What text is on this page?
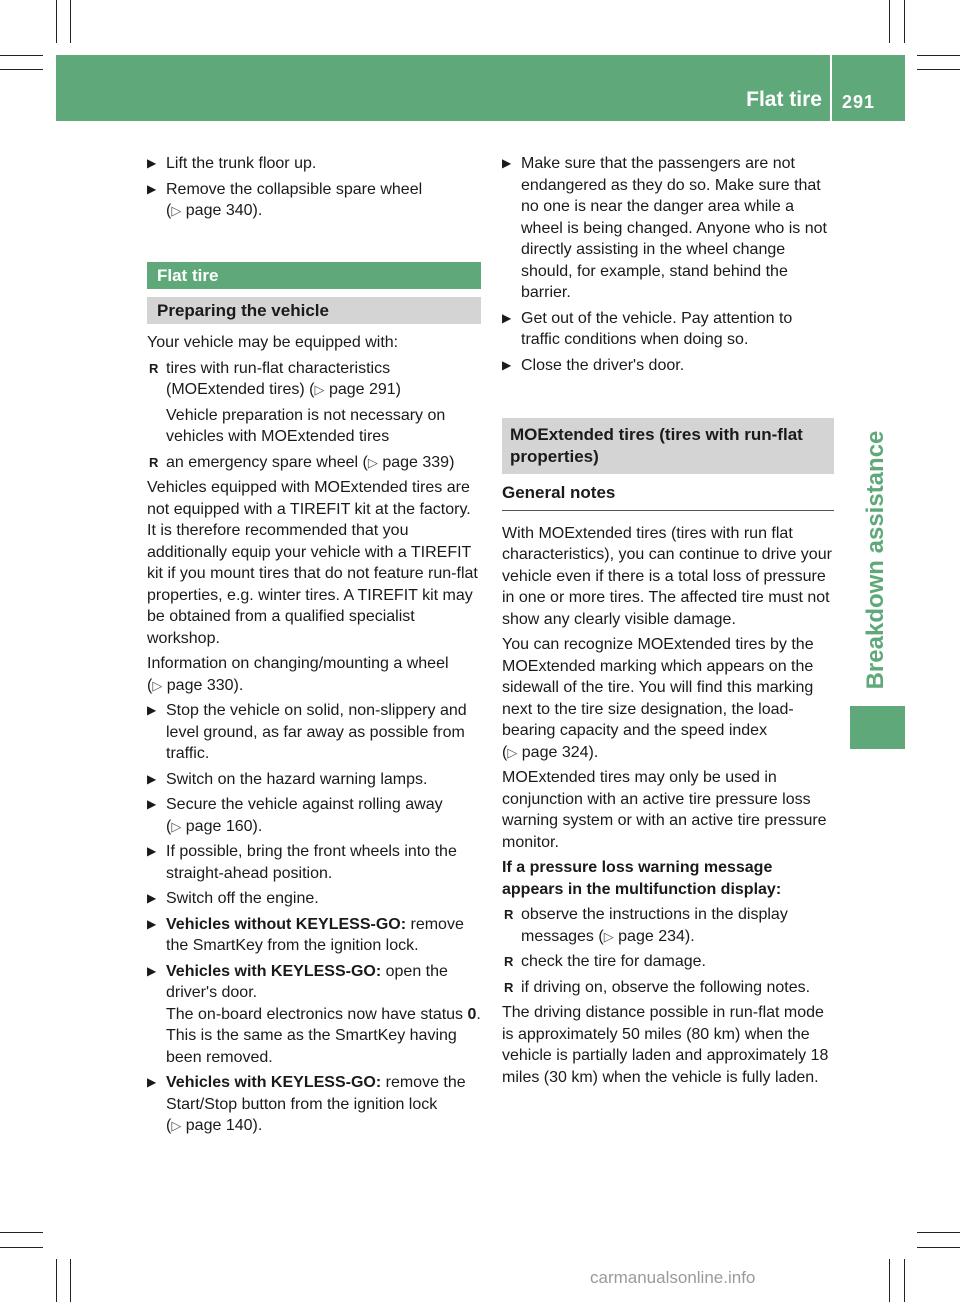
Flat tire 291
Breakdown assistance
▶ Lift the trunk floor up.
▶ Remove the collapsible spare wheel
(▷ page 340).
Flat tire
Preparing the vehicle
Your vehicle may be equipped with:
R tires with run-flat characteristics
(MOExtended tires) (▷ page 291)
Vehicle preparation is not necessary on vehicles with MOExtended tires
R an emergency spare wheel (▷ page 339)
Vehicles equipped with MOExtended tires are not equipped with a TIREFIT kit at the factory. It is therefore recommended that you additionally equip your vehicle with a TIREFIT kit if you mount tires that do not feature run-flat properties, e.g. winter tires. A TIREFIT kit may be obtained from a qualified specialist workshop.
Information on changing/mounting a wheel
(▷ page 330).
▶ Stop the vehicle on solid, non-slippery and level ground, as far away as possible from traffic.
▶ Switch on the hazard warning lamps.
▶ Secure the vehicle against rolling away
(▷ page 160).
▶ If possible, bring the front wheels into the straight-ahead position.
▶ Switch off the engine.
▶ Vehicles without KEYLESS-GO: remove the SmartKey from the ignition lock.
▶ Vehicles with KEYLESS-GO: open the driver's door.
The on-board electronics now have status 0. This is the same as the SmartKey having been removed.
▶ Vehicles with KEYLESS-GO: remove the Start/Stop button from the ignition lock
(▷ page 140).
▶ Make sure that the passengers are not endangered as they do so. Make sure that no one is near the danger area while a wheel is being changed. Anyone who is not directly assisting in the wheel change should, for example, stand behind the barrier.
▶ Get out of the vehicle. Pay attention to traffic conditions when doing so.
▶ Close the driver's door.
MOExtended tires (tires with run-flat properties)
General notes
With MOExtended tires (tires with run flat characteristics), you can continue to drive your vehicle even if there is a total loss of pressure in one or more tires. The affected tire must not show any clearly visible damage.
You can recognize MOExtended tires by the MOExtended marking which appears on the sidewall of the tire. You will find this marking next to the tire size designation, the load-bearing capacity and the speed index
(▷ page 324).
MOExtended tires may only be used in conjunction with an active tire pressure loss warning system or with an active tire pressure monitor.
If a pressure loss warning message appears in the multifunction display:
R observe the instructions in the display messages (▷ page 234).
R check the tire for damage.
R if driving on, observe the following notes.
The driving distance possible in run-flat mode is approximately 50 miles (80 km) when the vehicle is partially laden and approximately 18 miles (30 km) when the vehicle is fully laden.
carmanualsonline.info
